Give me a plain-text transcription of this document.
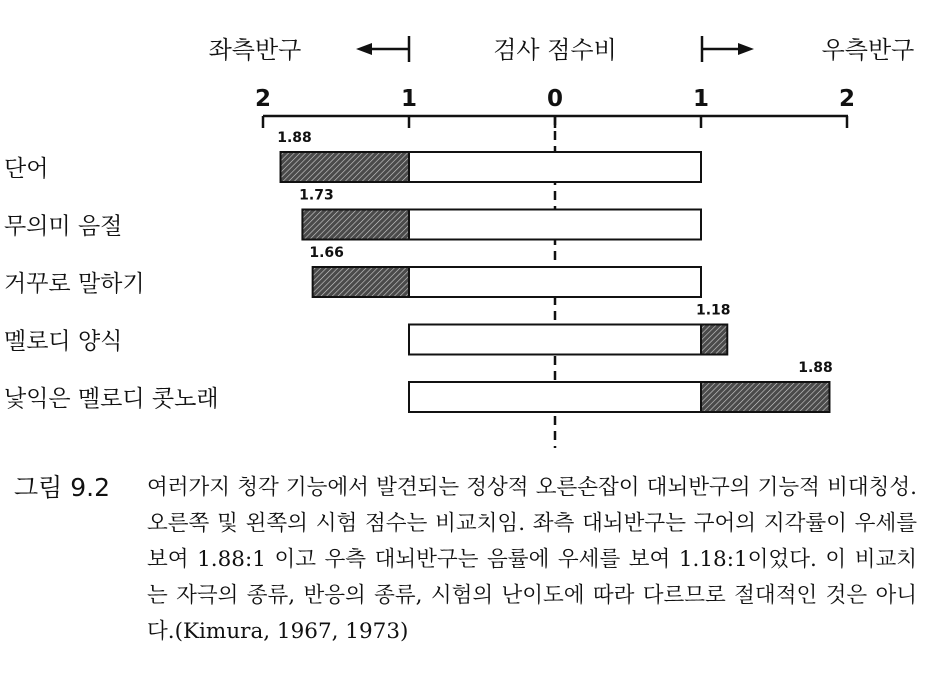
좌측반구	검사 점수비	우측반구
2	1	0	1	2
단어
1.88
무의미 음절
1.73
거꾸로 말하기
1.66
멜로디 양식
1.18
낯익은 멜로디 콧노래
1.88
그림 9.2 여러가지 청각 기능에서 발견되는 정상적 오른손잡이 대뇌반구의 기능적 비대칭성. 오른쪽 및 왼쪽의 시험 점수는 비교치임. 좌측 대뇌반구는 구어의 지각률이 우세를 보여 1.88:1 이고 우측 대뇌반구는 음률에 우세를 보여 1.18:1이었다. 이 비교치는 자극의 종류, 반응의 종류, 시험의 난이도에 따라 다르므로 절대적인 것은 아니다.(Kimura, 1967, 1973)
